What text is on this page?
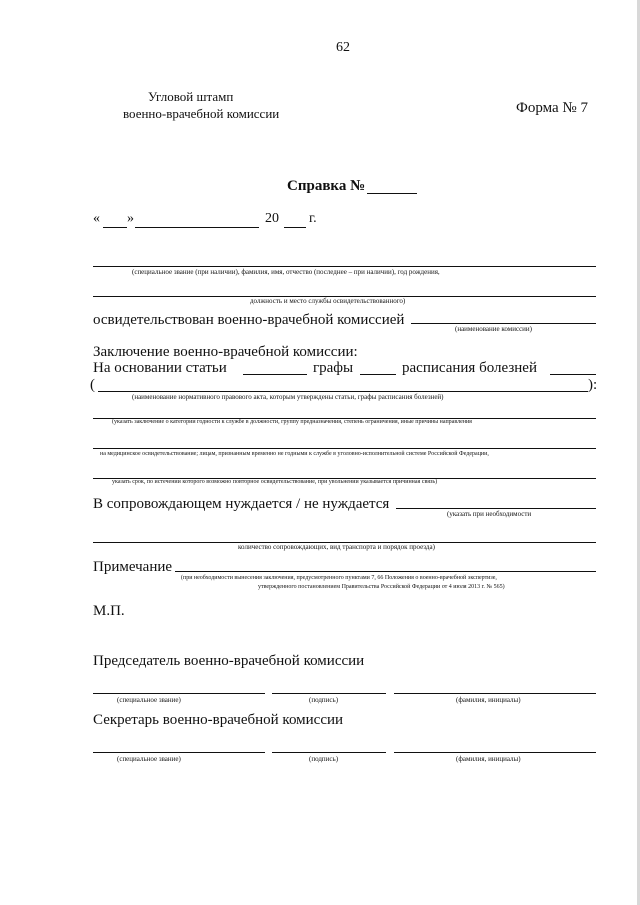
62
Форма № 7
Угловой штамп
военно-врачебной комиссии
Справка №
« »	20 г.
(специальное звание (при наличии), фамилия, имя, отчество (последнее – при наличии), год рождения,
должность и место службы освидетельствованного)
освидетельствован военно-врачебной комиссией
(наименование комиссии)
Заключение военно-врачебной комиссии:
На основании статьи	графы	расписания болезней
(	):
(наименование нормативного правового акта, которым утверждены статьи, графы расписания болезней)
(указать заключение о категории годности к службе в должности, группу предназначения, степень ограничения, иные причины направления
на медицинское освидетельствование; лицам, признанным временно не годными к службе в уголовно-исполнительной системе Российской Федерации,
указать срок, по истечении которого возможно повторное освидетельствование, при увольнении указывается причинная связь)
В сопровождающем нуждается / не нуждается
(указать при необходимости
количество сопровождающих, вид транспорта и порядок проезда)
Примечание
(при необходимости вынесения заключения, предусмотренного пунктами 7, 66 Положения о военно-врачебной экспертизе,
утвержденного постановлением Правительства Российской Федерации от 4 июля 2013 г. № 565)
М.П.
Председатель военно-врачебной комиссии
(специальное звание)	(подпись)	(фамилия, инициалы)
Секретарь военно-врачебной комиссии
(специальное звание)	(подпись)	(фамилия, инициалы)
